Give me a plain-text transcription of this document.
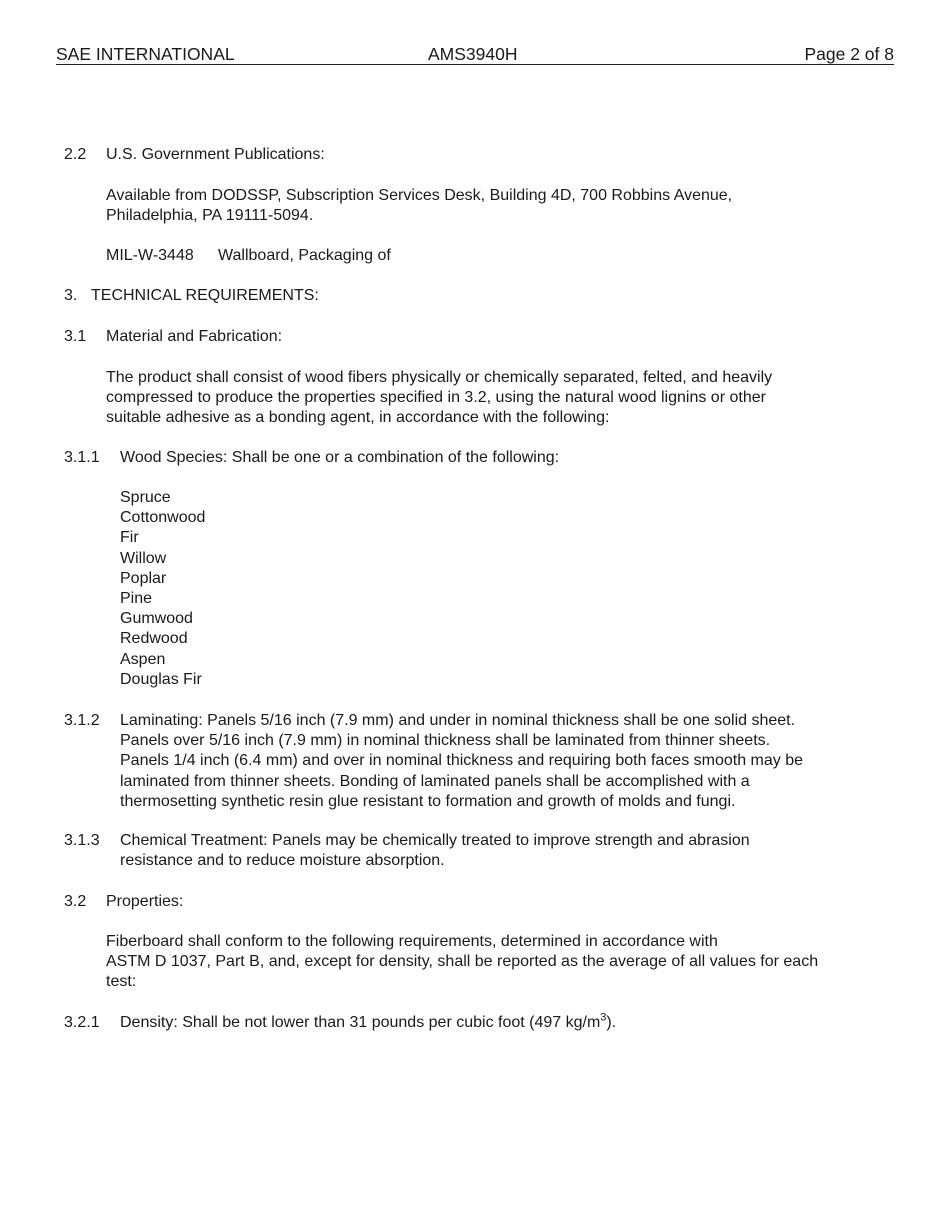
SAE INTERNATIONAL	AMS3940H	Page 2 of 8
2.2 U.S. Government Publications:
Available from DODSSP, Subscription Services Desk, Building 4D, 700 Robbins Avenue,
Philadelphia, PA 19111-5094.
MIL-W-3448 Wallboard, Packaging of
3. TECHNICAL REQUIREMENTS:
3.1 Material and Fabrication:
The product shall consist of wood fibers physically or chemically separated, felted, and heavily
compressed to produce the properties specified in 3.2, using the natural wood lignins or other
suitable adhesive as a bonding agent, in accordance with the following:
3.1.1 Wood Species: Shall be one or a combination of the following:
Spruce
Cottonwood
Fir
Willow
Poplar
Pine
Gumwood
Redwood
Aspen
Douglas Fir
3.1.2 Laminating: Panels 5/16 inch (7.9 mm) and under in nominal thickness shall be one solid sheet.
Panels over 5/16 inch (7.9 mm) in nominal thickness shall be laminated from thinner sheets.
Panels 1/4 inch (6.4 mm) and over in nominal thickness and requiring both faces smooth may be
laminated from thinner sheets. Bonding of laminated panels shall be accomplished with a
thermosetting synthetic resin glue resistant to formation and growth of molds and fungi.
3.1.3 Chemical Treatment: Panels may be chemically treated to improve strength and abrasion
resistance and to reduce moisture absorption.
3.2 Properties:
Fiberboard shall conform to the following requirements, determined in accordance with
ASTM D 1037, Part B, and, except for density, shall be reported as the average of all values for each
test:
3.2.1 Density: Shall be not lower than 31 pounds per cubic foot (497 $kg/m^3$).
